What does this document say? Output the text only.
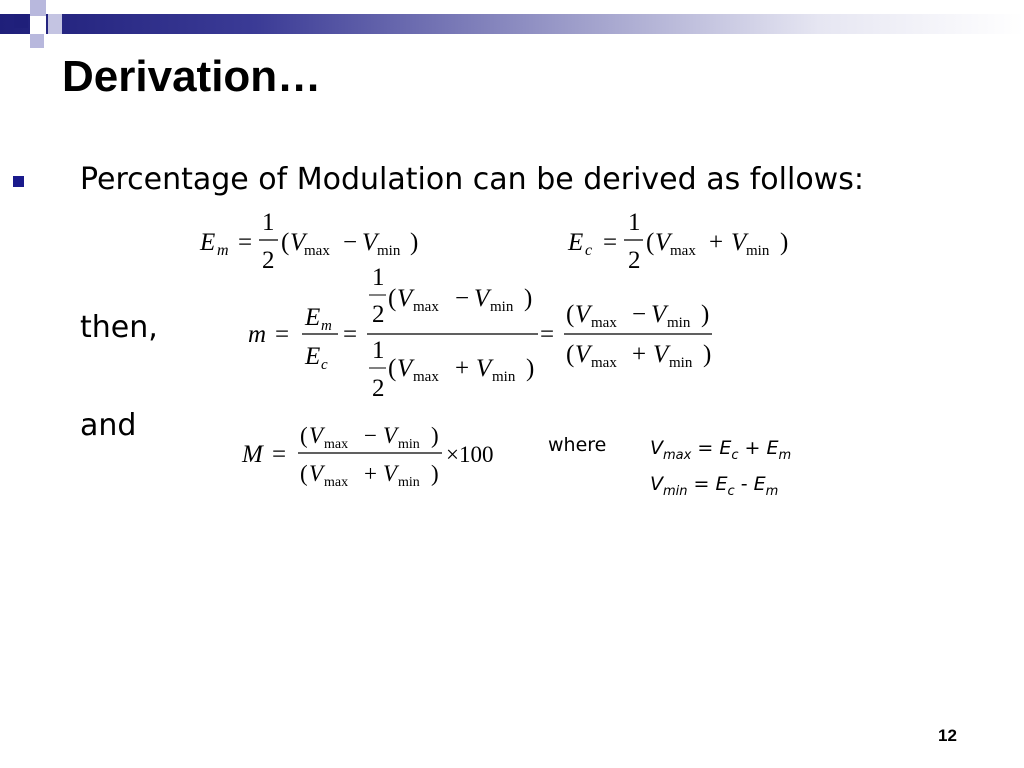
Derivation…
Percentage of Modulation can be derived as follows:
then,
and
E m =
1
2
( V
max − V min )	E c =
1
2
( V max + V min )
m =
E m
E c
=
1
2
( V max − V min )
1
2
( V max + V min )
=
( V max − V min )
( V max + V min )
M =
( V max − V min )
( V max + V min )
×100	where $V_{max} = E_c + E_m$
$V_{min} = E_c - E_m$
12
